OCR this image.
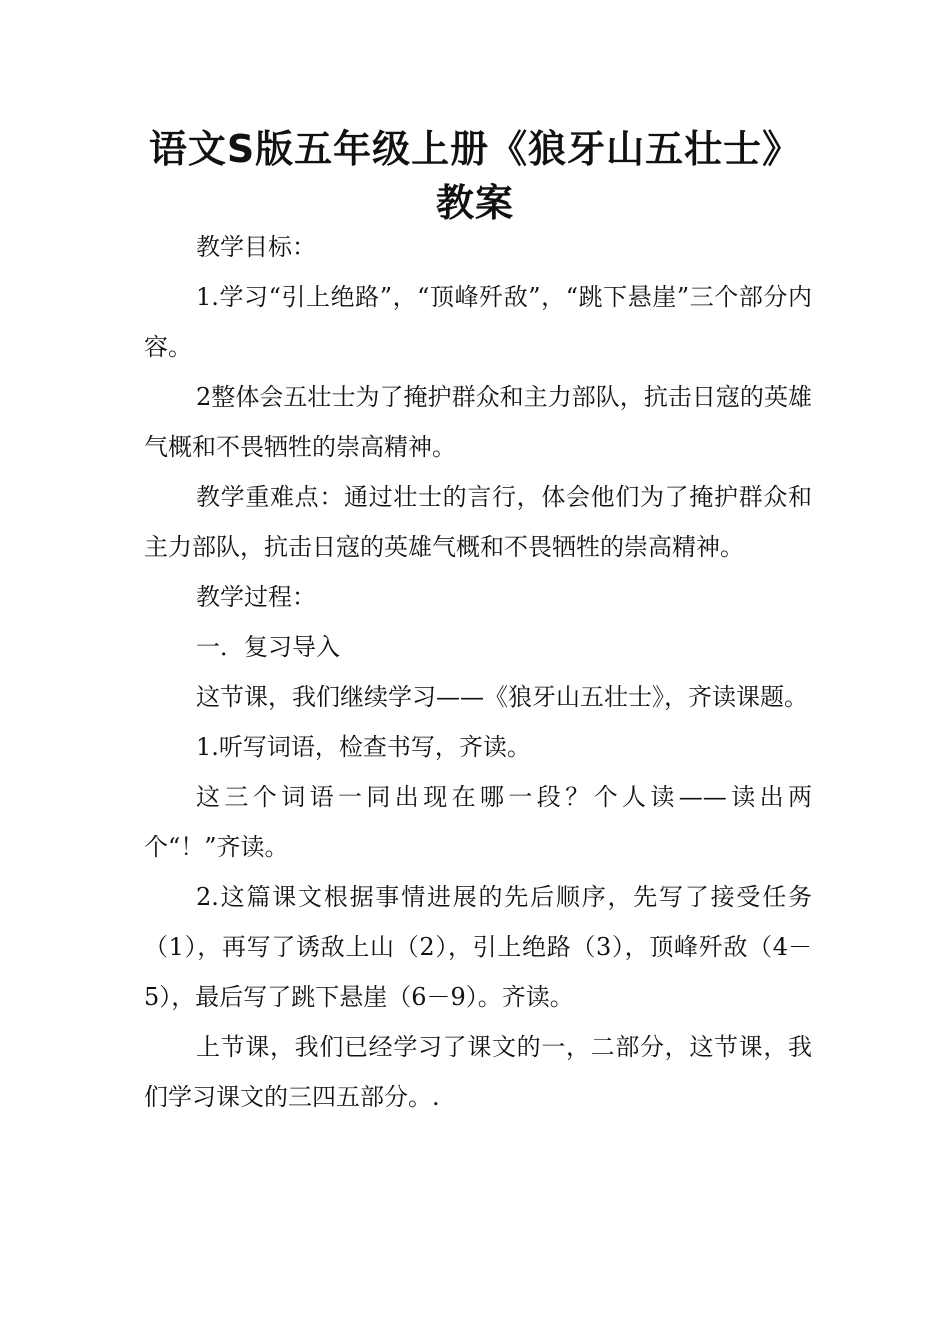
语文S版五年级上册《狼牙山五壮士》教案

教学目标：

1.学习“引上绝路”，“顶峰歼敌”，“跳下悬崖”三个部分内容。

2整体会五壮士为了掩护群众和主力部队，抗击日寇的英雄气概和不畏牺牲的崇高精神。

教学重难点：通过壮士的言行，体会他们为了掩护群众和主力部队，抗击日寇的英雄气概和不畏牺牲的崇高精神。

教学过程：

一．复习导入

这节课，我们继续学习——《狼牙山五壮士》，齐读课题。

1.听写词语，检查书写，齐读。

这三个词语一同出现在哪一段？个人读——读出两个“！”齐读。

2.这篇课文根据事情进展的先后顺序，先写了接受任务（1），再写了诱敌上山（2），引上绝路（3），顶峰歼敌（4－5），最后写了跳下悬崖（6－9）。齐读。

上节课，我们已经学习了课文的一，二部分，这节课，我们学习课文的三四五部分。.
